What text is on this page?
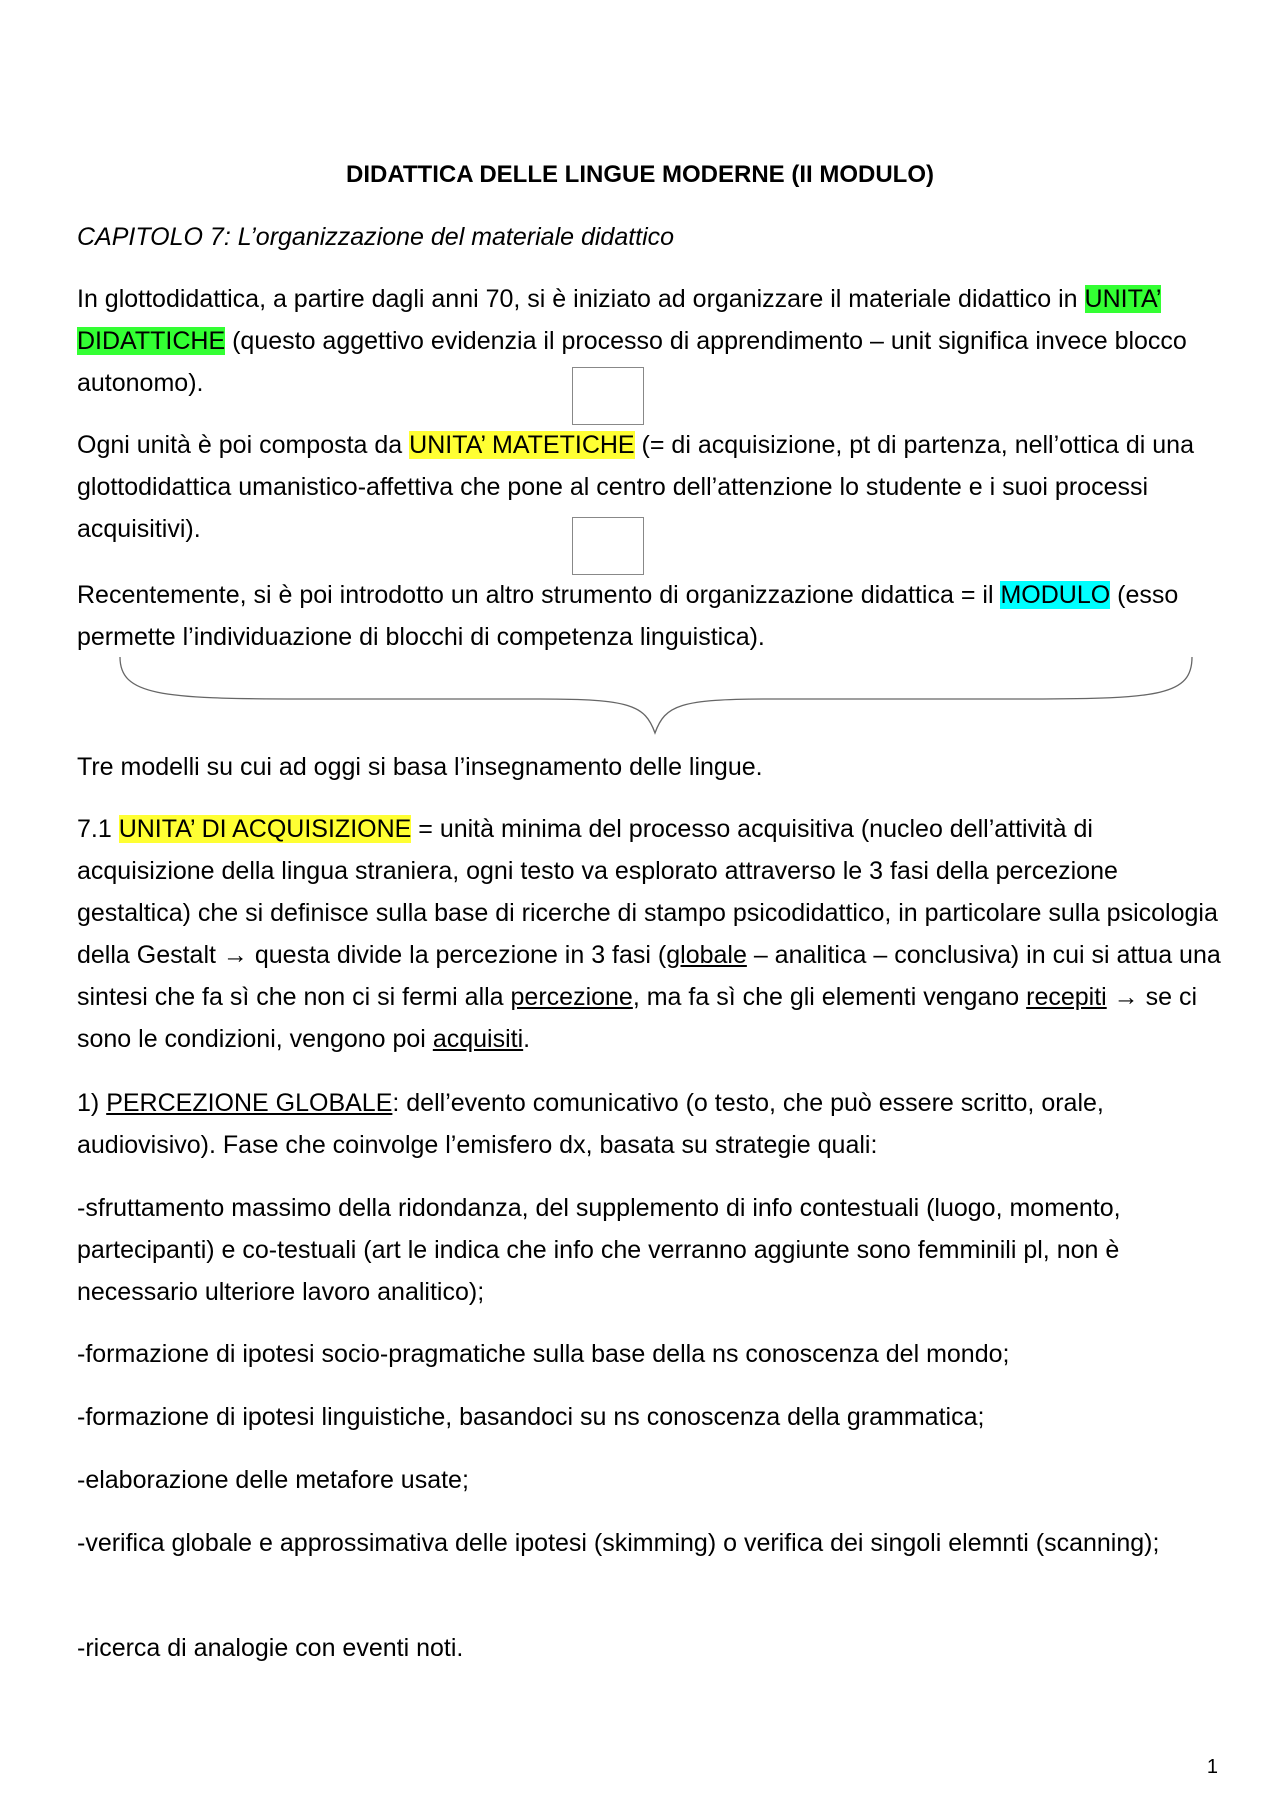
DIDATTICA DELLE LINGUE MODERNE (II MODULO)

CAPITOLO 7: L’organizzazione del materiale didattico

In glottodidattica, a partire dagli anni 70, si è iniziato ad organizzare il materiale didattico in UNITA’ DIDATTICHE (questo aggettivo evidenzia il processo di apprendimento – unit significa invece blocco autonomo).

Ogni unità è poi composta da UNITA’ MATETICHE (= di acquisizione, pt di partenza, nell’ottica di una glottodidattica umanistico-affettiva che pone al centro dell’attenzione lo studente e i suoi processi acquisitivi).

Recentemente, si è poi introdotto un altro strumento di organizzazione didattica = il MODULO (esso permette l’individuazione di blocchi di competenza linguistica).

Tre modelli su cui ad oggi si basa l’insegnamento delle lingue.

7.1 UNITA’ DI ACQUISIZIONE = unità minima del processo acquisitiva (nucleo dell’attività di acquisizione della lingua straniera, ogni testo va esplorato attraverso le 3 fasi della percezione gestaltica) che si definisce sulla base di ricerche di stampo psicodidattico, in particolare sulla psicologia della Gestalt → questa divide la percezione in 3 fasi (globale – analitica – conclusiva) in cui si attua una sintesi che fa sì che non ci si fermi alla percezione, ma fa sì che gli elementi vengano recepiti → se ci sono le condizioni, vengono poi acquisiti.

1) PERCEZIONE GLOBALE: dell’evento comunicativo (o testo, che può essere scritto, orale, audiovisivo). Fase che coinvolge l’emisfero dx, basata su strategie quali:

-sfruttamento massimo della ridondanza, del supplemento di info contestuali (luogo, momento, partecipanti) e co-testuali (art le indica che info che verranno aggiunte sono femminili pl, non è necessario ulteriore lavoro analitico);

-formazione di ipotesi socio-pragmatiche sulla base della ns conoscenza del mondo;

-formazione di ipotesi linguistiche, basandoci su ns conoscenza della grammatica;

-elaborazione delle metafore usate;

-verifica globale e approssimativa delle ipotesi (skimming) o verifica dei singoli elemnti (scanning);

-ricerca di analogie con eventi noti.

1
